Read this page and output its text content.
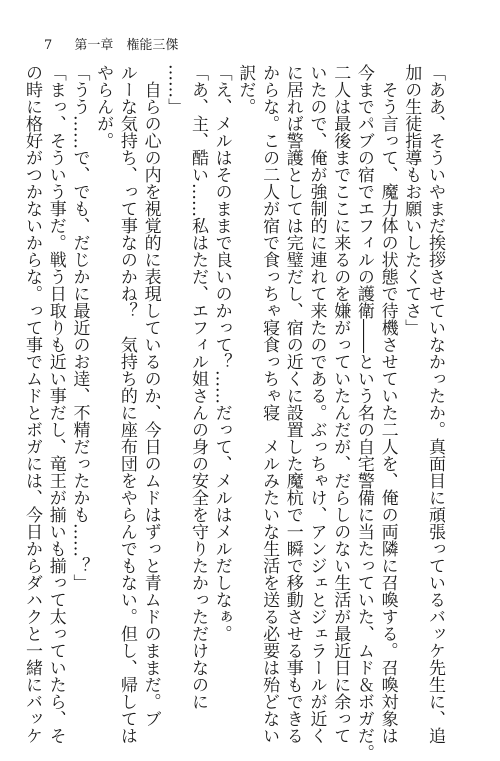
7 第一章　権能三傑

「ああ、そういやまだ挨拶させていなかったか。真面目に頑張っているバッケ先生に、追

加の生徒指導もお願いしたくてさ」

　そう言って、魔力体の状態で待機させていた二人を、俺の両隣に召喚する。召喚対象は

今までパブの宿でエフィルの護衛――という名の自宅警備に当たっていた、ムド＆ボガだ。

二人は最後までここに来るのを嫌がっていたんだが、だらしのない生活が最近日に余って

いたので、俺が強制的に連れて来たのである。ぶっちゃけ、アンジェとジェラールが近く

に居れば警護としては完璧だし、宿の近くに設置した魔杭で一瞬で移動させる事もできる

からな。この二人が宿で食っちゃ寝食っちゃ寝　メルみたいな生活を送る必要は殆どない

訳だ。

「え、メルはそのままで良いのかって？……だって、メルはメルだしなぁ。

「あ、主、酷い……私はただ、エフィル姐さんの身の安全を守りたかっただけなのに

……」

　自らの心の内を視覚的に表現しているのか、今日のムドはずっと青ムドのままだ。ブ

ルーな気持ち、って事なのかね？　気持ち的に座布団をやらんでもない。但し、帰しては

やらんが。

「うう……で、でも、だじかに最近のお逹、不精だったかも……？」

「まっ、そういう事だ。戦う日取りも近い事だし、竜王が揃いも揃って太っていたら、そ

の時に格好がつかないからな。って事でムドとボガには、今日からダハクと一緒にバッケ
